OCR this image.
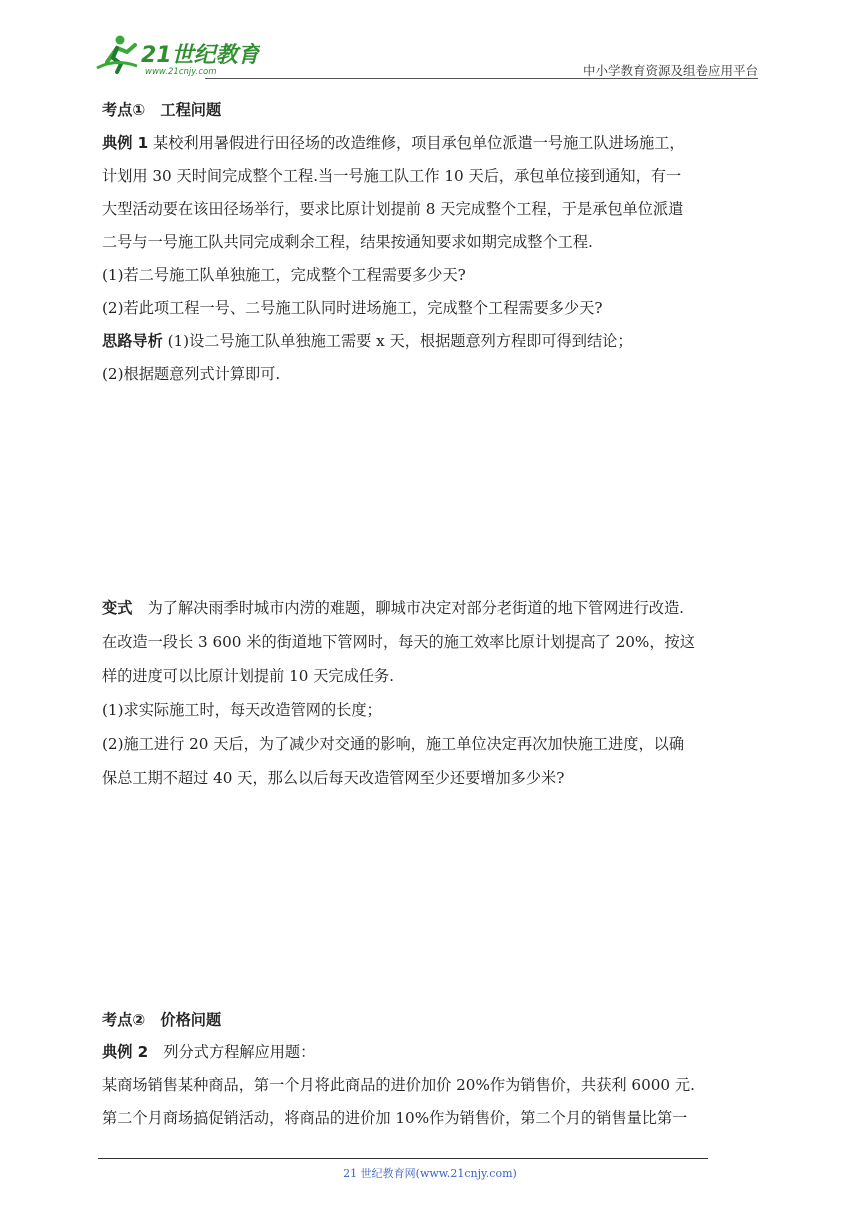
21世纪教育
www.21cnjy.com	中小学教育资源及组卷应用平台
考点①　工程问题
典例 1 某校利用暑假进行田径场的改造维修，项目承包单位派遣一号施工队进场施工，
计划用 30 天时间完成整个工程.当一号施工队工作 10 天后，承包单位接到通知，有一
大型活动要在该田径场举行，要求比原计划提前 8 天完成整个工程，于是承包单位派遣
二号与一号施工队共同完成剩余工程，结果按通知要求如期完成整个工程.
(1)若二号施工队单独施工，完成整个工程需要多少天?
(2)若此项工程一号、二号施工队同时进场施工，完成整个工程需要多少天?
思路导析 (1)设二号施工队单独施工需要 x 天，根据题意列方程即可得到结论；
(2)根据题意列式计算即可.
变式　为了解决雨季时城市内涝的难题，聊城市决定对部分老街道的地下管网进行改造.
在改造一段长 3 600 米的街道地下管网时，每天的施工效率比原计划提高了 20%，按这
样的进度可以比原计划提前 10 天完成任务.
(1)求实际施工时，每天改造管网的长度；
(2)施工进行 20 天后，为了减少对交通的影响，施工单位决定再次加快施工进度，以确
保总工期不超过 40 天，那么以后每天改造管网至少还要增加多少米?
考点②　价格问题
典例 2　列分式方程解应用题：
某商场销售某种商品，第一个月将此商品的进价加价 20%作为销售价，共获利 6000 元.
第二个月商场搞促销活动，将商品的进价加 10%作为销售价，第二个月的销售量比第一
21 世纪教育网(www.21cnjy.com)
